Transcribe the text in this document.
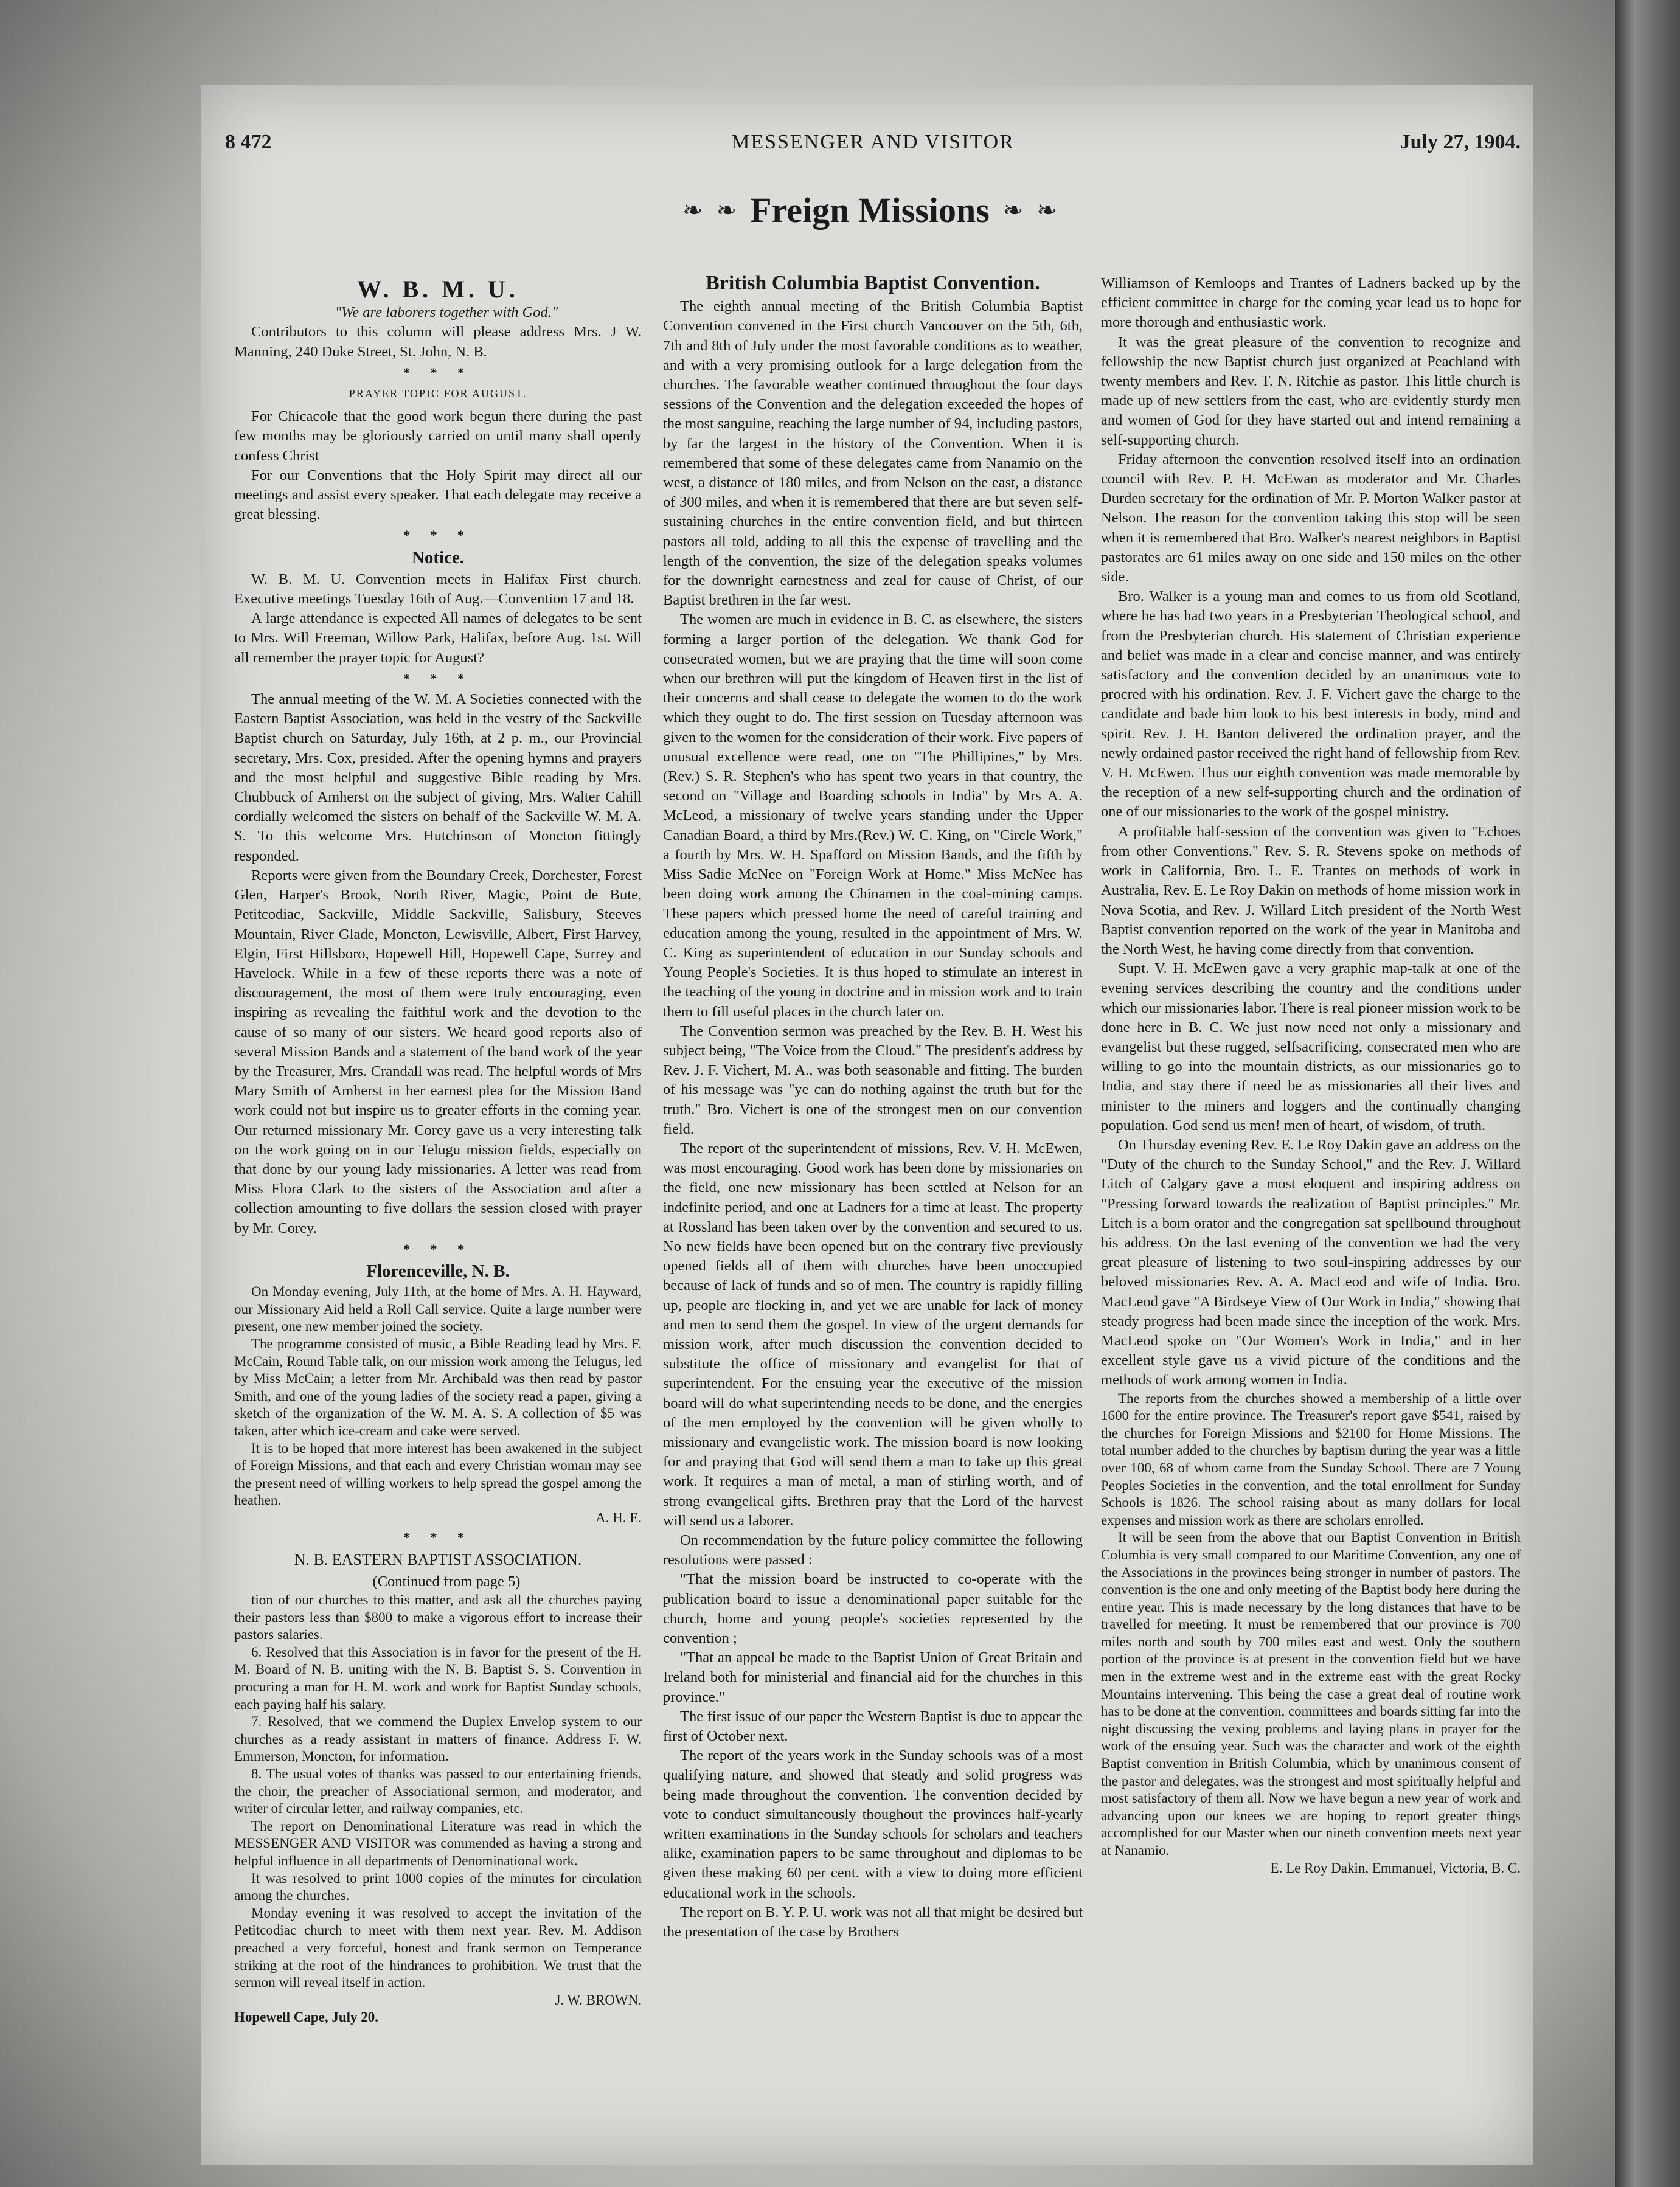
8 472	MESSENGER AND VISITOR	July 27, 1904.
❧ ❧ Freign Missions ❧ ❧
W. B. M. U.

"We are laborers together with God."

Contributors to this column will please address Mrs. J W. Manning, 240 Duke Street, St. John, N. B.

* * *
PRAYER TOPIC FOR AUGUST.

For Chicacole that the good work begun there during the past few months may be gloriously carried on until many shall openly confess Christ

For our Conventions that the Holy Spirit may direct all our meetings and assist every speaker. That each delegate may receive a great blessing.

* * *
Notice.

W. B. M. U. Convention meets in Halifax First church. Executive meetings Tuesday 16th of Aug.—Convention 17 and 18.

A large attendance is expected All names of delegates to be sent to Mrs. Will Freeman, Willow Park, Halifax, before Aug. 1st. Will all remember the prayer topic for August?

* * *

The annual meeting of the W. M. A Societies connected with the Eastern Baptist Association, was held in the vestry of the Sackville Baptist church on Saturday, July 16th, at 2 p. m., our Provincial secretary, Mrs. Cox, presided. After the opening hymns and prayers and the most helpful and suggestive Bible reading by Mrs. Chubbuck of Amherst on the subject of giving, Mrs. Walter Cahill cordially welcomed the sisters on behalf of the Sackville W. M. A. S. To this welcome Mrs. Hutchinson of Moncton fittingly responded.

Reports were given from the Boundary Creek, Dorchester, Forest Glen, Harper's Brook, North River, Magic, Point de Bute, Petitcodiac, Sackville, Middle Sackville, Salisbury, Steeves Mountain, River Glade, Moncton, Lewisville, Albert, First Harvey, Elgin, First Hillsboro, Hopewell Hill, Hopewell Cape, Surrey and Havelock. While in a few of these reports there was a note of discouragement, the most of them were truly encouraging, even inspiring as revealing the faithful work and the devotion to the cause of so many of our sisters. We heard good reports also of several Mission Bands and a statement of the band work of the year by the Treasurer, Mrs. Crandall was read. The helpful words of Mrs Mary Smith of Amherst in her earnest plea for the Mission Band work could not but inspire us to greater efforts in the coming year. Our returned missionary Mr. Corey gave us a very interesting talk on the work going on in our Telugu mission fields, especially on that done by our young lady missionaries. A letter was read from Miss Flora Clark to the sisters of the Association and after a collection amounting to five dollars the session closed with prayer by Mr. Corey.

* * *
Florenceville, N. B.

On Monday evening, July 11th, at the home of Mrs. A. H. Hayward, our Missionary Aid held a Roll Call service. Quite a large number were present, one new member joined the society.

The programme consisted of music, a Bible Reading lead by Mrs. F. McCain, Round Table talk, on our mission work among the Telugus, led by Miss McCain; a letter from Mr. Archibald was then read by pastor Smith, and one of the young ladies of the society read a paper, giving a sketch of the organization of the W. M. A. S. A collection of $5 was taken, after which ice-cream and cake were served.

It is to be hoped that more interest has been awakened in the subject of Foreign Missions, and that each and every Christian woman may see the present need of willing workers to help spread the gospel among the heathen.

A. H. E.

* * *
N. B. EASTERN BAPTIST ASSOCIATION.

(Continued from page 5)

tion of our churches to this matter, and ask all the churches paying their pastors less than $800 to make a vigorous effort to increase their pastors salaries.

6. Resolved that this Association is in favor for the present of the H. M. Board of N. B. uniting with the N. B. Baptist S. S. Convention in procuring a man for H. M. work and work for Baptist Sunday schools, each paying half his salary.

7. Resolved, that we commend the Duplex Envelop system to our churches as a ready assistant in matters of finance. Address F. W. Emmerson, Moncton, for information.

8. The usual votes of thanks was passed to our entertaining friends, the choir, the preacher of Associational sermon, and moderator, and writer of circular letter, and railway companies, etc.

The report on Denominational Literature was read in which the MESSENGER AND VISITOR was commended as having a strong and helpful influence in all departments of Denominational work.

It was resolved to print 1000 copies of the minutes for circulation among the churches.

Monday evening it was resolved to accept the invitation of the Petitcodiac church to meet with them next year. Rev. M. Addison preached a very forceful, honest and frank sermon on Temperance striking at the root of the hindrances to prohibition. We trust that the sermon will reveal itself in action.

J. W. BROWN.

Hopewell Cape, July 20.

British Columbia Baptist Convention.

The eighth annual meeting of the British Columbia Baptist Convention convened in the First church Vancouver on the 5th, 6th, 7th and 8th of July under the most favorable conditions as to weather, and with a very promising outlook for a large delegation from the churches. The favorable weather continued throughout the four days sessions of the Convention and the delegation exceeded the hopes of the most sanguine, reaching the large number of 94, including pastors, by far the largest in the history of the Convention. When it is remembered that some of these delegates came from Nanamio on the west, a distance of 180 miles, and from Nelson on the east, a distance of 300 miles, and when it is remembered that there are but seven self-sustaining churches in the entire convention field, and but thirteen pastors all told, adding to all this the expense of travelling and the length of the convention, the size of the delegation speaks volumes for the downright earnestness and zeal for cause of Christ, of our Baptist brethren in the far west.

The women are much in evidence in B. C. as elsewhere, the sisters forming a larger portion of the delegation. We thank God for consecrated women, but we are praying that the time will soon come when our brethren will put the kingdom of Heaven first in the list of their concerns and shall cease to delegate the women to do the work which they ought to do. The first session on Tuesday afternoon was given to the women for the consideration of their work. Five papers of unusual excellence were read, one on "The Phillipines," by Mrs. (Rev.) S. R. Stephen's who has spent two years in that country, the second on "Village and Boarding schools in India" by Mrs A. A. McLeod, a missionary of twelve years standing under the Upper Canadian Board, a third by Mrs.(Rev.) W. C. King, on "Circle Work," a fourth by Mrs. W. H. Spafford on Mission Bands, and the fifth by Miss Sadie McNee on "Foreign Work at Home." Miss McNee has been doing work among the Chinamen in the coal-mining camps. These papers which pressed home the need of careful training and education among the young, resulted in the appointment of Mrs. W. C. King as superintendent of education in our Sunday schools and Young People's Societies. It is thus hoped to stimulate an interest in the teaching of the young in doctrine and in mission work and to train them to fill useful places in the church later on.

The Convention sermon was preached by the Rev. B. H. West his subject being, "The Voice from the Cloud." The president's address by Rev. J. F. Vichert, M. A., was both seasonable and fitting. The burden of his message was "ye can do nothing against the truth but for the truth." Bro. Vichert is one of the strongest men on our convention field.

The report of the superintendent of missions, Rev. V. H. McEwen, was most encouraging. Good work has been done by missionaries on the field, one new missionary has been settled at Nelson for an indefinite period, and one at Ladners for a time at least. The property at Rossland has been taken over by the convention and secured to us. No new fields have been opened but on the contrary five previously opened fields all of them with churches have been unoccupied because of lack of funds and so of men. The country is rapidly filling up, people are flocking in, and yet we are unable for lack of money and men to send them the gospel. In view of the urgent demands for mission work, after much discussion the convention decided to substitute the office of missionary and evangelist for that of superintendent. For the ensuing year the executive of the mission board will do what superintending needs to be done, and the energies of the men employed by the convention will be given wholly to missionary and evangelistic work. The mission board is now looking for and praying that God will send them a man to take up this great work. It requires a man of metal, a man of stirling worth, and of strong evangelical gifts. Brethren pray that the Lord of the harvest will send us a laborer.

On recommendation by the future policy committee the following resolutions were passed :

"That the mission board be instructed to co-operate with the publication board to issue a denominational paper suitable for the church, home and young people's societies represented by the convention ;

"That an appeal be made to the Baptist Union of Great Britain and Ireland both for ministerial and financial aid for the churches in this province."

The first issue of our paper the Western Baptist is due to appear the first of October next.

The report of the years work in the Sunday schools was of a most qualifying nature, and showed that steady and solid progress was being made throughout the convention. The convention decided by vote to conduct simultaneously thoughout the provinces half-yearly written examinations in the Sunday schools for scholars and teachers alike, examination papers to be same throughout and diplomas to be given these making 60 per cent. with a view to doing more efficient educational work in the schools.

The report on B. Y. P. U. work was not all that might be desired but the presentation of the case by Brothers

Williamson of Kemloops and Trantes of Ladners backed up by the efficient committee in charge for the coming year lead us to hope for more thorough and enthusiastic work.

It was the great pleasure of the convention to recognize and fellowship the new Baptist church just organized at Peachland with twenty members and Rev. T. N. Ritchie as pastor. This little church is made up of new settlers from the east, who are evidently sturdy men and women of God for they have started out and intend remaining a self-supporting church.

Friday afternoon the convention resolved itself into an ordination council with Rev. P. H. McEwan as moderator and Mr. Charles Durden secretary for the ordination of Mr. P. Morton Walker pastor at Nelson. The reason for the convention taking this stop will be seen when it is remembered that Bro. Walker's nearest neighbors in Baptist pastorates are 61 miles away on one side and 150 miles on the other side.

Bro. Walker is a young man and comes to us from old Scotland, where he has had two years in a Presbyterian Theological school, and from the Presbyterian church. His statement of Christian experience and belief was made in a clear and concise manner, and was entirely satisfactory and the convention decided by an unanimous vote to procred with his ordination. Rev. J. F. Vichert gave the charge to the candidate and bade him look to his best interests in body, mind and spirit. Rev. J. H. Banton delivered the ordination prayer, and the newly ordained pastor received the right hand of fellowship from Rev. V. H. McEwen. Thus our eighth convention was made memorable by the reception of a new self-supporting church and the ordination of one of our missionaries to the work of the gospel ministry.

A profitable half-session of the convention was given to "Echoes from other Conventions." Rev. S. R. Stevens spoke on methods of work in California, Bro. L. E. Trantes on methods of work in Australia, Rev. E. Le Roy Dakin on methods of home mission work in Nova Scotia, and Rev. J. Willard Litch president of the North West Baptist convention reported on the work of the year in Manitoba and the North West, he having come directly from that convention.

Supt. V. H. McEwen gave a very graphic map-talk at one of the evening services describing the country and the conditions under which our missionaries labor. There is real pioneer mission work to be done here in B. C. We just now need not only a missionary and evangelist but these rugged, selfsacrificing, consecrated men who are willing to go into the mountain districts, as our missionaries go to India, and stay there if need be as missionaries all their lives and minister to the miners and loggers and the continually changing population. God send us men! men of heart, of wisdom, of truth.

On Thursday evening Rev. E. Le Roy Dakin gave an address on the "Duty of the church to the Sunday School," and the Rev. J. Willard Litch of Calgary gave a most eloquent and inspiring address on "Pressing forward towards the realization of Baptist principles." Mr. Litch is a born orator and the congregation sat spellbound throughout his address. On the last evening of the convention we had the very great pleasure of listening to two soul-inspiring addresses by our beloved missionaries Rev. A. A. MacLeod and wife of India. Bro. MacLeod gave "A Birdseye View of Our Work in India," showing that steady progress had been made since the inception of the work. Mrs. MacLeod spoke on "Our Women's Work in India," and in her excellent style gave us a vivid picture of the conditions and the methods of work among women in India.

The reports from the churches showed a membership of a little over 1600 for the entire province. The Treasurer's report gave $541, raised by the churches for Foreign Missions and $2100 for Home Missions. The total number added to the churches by baptism during the year was a little over 100, 68 of whom came from the Sunday School. There are 7 Young Peoples Societies in the convention, and the total enrollment for Sunday Schools is 1826. The school raising about as many dollars for local expenses and mission work as there are scholars enrolled.

It will be seen from the above that our Baptist Convention in British Columbia is very small compared to our Maritime Convention, any one of the Associations in the provinces being stronger in number of pastors. The convention is the one and only meeting of the Baptist body here during the entire year. This is made necessary by the long distances that have to be travelled for meeting. It must be remembered that our province is 700 miles north and south by 700 miles east and west. Only the southern portion of the province is at present in the convention field but we have men in the extreme west and in the extreme east with the great Rocky Mountains intervening. This being the case a great deal of routine work has to be done at the convention, committees and boards sitting far into the night discussing the vexing problems and laying plans in prayer for the work of the ensuing year. Such was the character and work of the eighth Baptist convention in British Columbia, which by unanimous consent of the pastor and delegates, was the strongest and most spiritually helpful and most satisfactory of them all. Now we have begun a new year of work and advancing upon our knees we are hoping to report greater things accomplished for our Master when our nineth convention meets next year at Nanamio.

E. Le Roy Dakin, Emmanuel, Victoria, B. C.
